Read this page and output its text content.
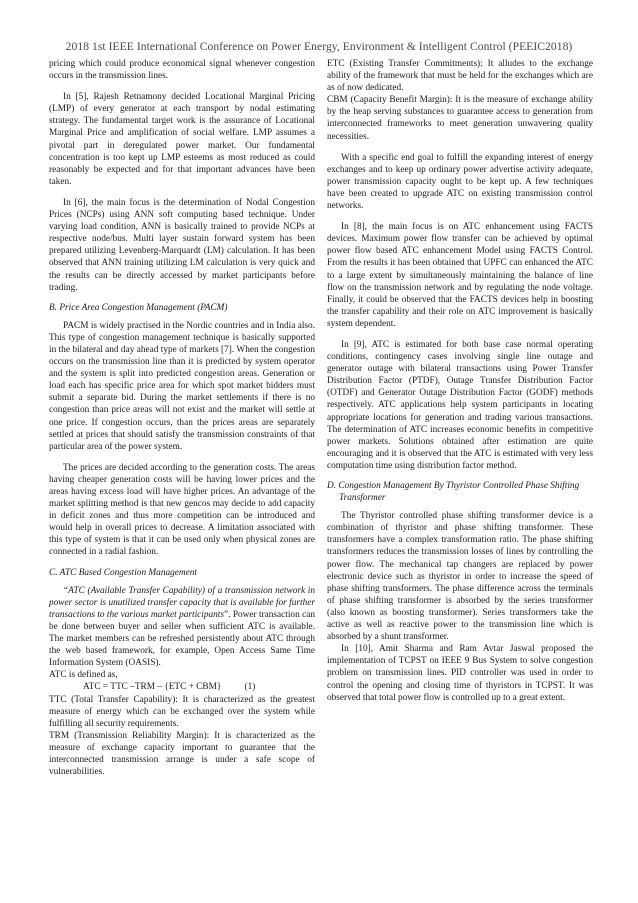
2018 1st IEEE International Conference on Power Energy, Environment & Intelligent Control (PEEIC2018)

pricing which could produce economical signal whenever congestion occurs in the transmission lines.

In [5], Rajesh Retnamony decided Locational Marginal Pricing (LMP) of every generator at each transport by nodal estimating strategy. The fundamental target work is the assurance of Locational Marginal Price and amplification of social welfare. LMP assumes a pivotal part in deregulated power market. Our fundamental concentration is too kept up LMP esteems as most reduced as could reasonably be expected and for that important advances have been taken.

In [6], the main focus is the determination of Nodal Congestion Prices (NCPs) using ANN soft computing based technique. Under varying load condition, ANN is basically trained to provide NCPs at respective node/bus. Multi layer sustain forward system has been prepared utilizing Levenberg-Marquardt (LM) calculation. It has been observed that ANN training utilizing LM calculation is very quick and the results can be directly accessed by market participants before trading.

B. Price Area Congestion Management (PACM)

PACM is widely practised in the Nordic countries and in India also. This type of congestion management technique is basically supported in the bilateral and day ahead type of markets [7]. When the congestion occurs on the transmission line than it is predicted by system operator and the system is split into predicted congestion areas. Generation or load each has specific price area for which spot market bidders must submit a separate bid. During the market settlements if there is no congestion than price areas will not exist and the market will settle at one price. If congestion occurs, than the prices areas are separately settled at prices that should satisfy the transmission constraints of that particular area of the power system.

The prices are decided according to the generation costs. The areas having cheaper generation costs will be having lower prices and the areas having excess load will have higher prices. An advantage of the market splitting method is that new gencos may decide to add capacity in deficit zones and thus more competition can be introduced and would help in overall prices to decrease. A limitation associated with this type of system is that it can be used only when physical zones are connected in a radial fashion.

C. ATC Based Congestion Management

“ATC (Available Transfer Capability) of a transmission network in power sector is unutilized transfer capacity that is available for further transactions to the various market participants”. Power transaction can be done between buyer and seller when sufficient ATC is available. The market members can be refreshed persistently about ATC through the web based framework, for example, Open Access Same Time Information System (OASIS).

ATC is defined as,

ATC = TTC –TRM – {ETC + CBM}          (1)

TTC (Total Transfer Capability): It is characterized as the greatest measure of energy which can be exchanged over the system while fulfilling all security requirements.

TRM (Transmission Reliability Margin): It is characterized as the measure of exchange capacity important to guarantee that the interconnected transmission arrange is under a safe scope of vulnerabilities.

ETC (Existing Transfer Commitments): It alludes to the exchange ability of the framework that must be held for the exchanges which are as of now dedicated.

CBM (Capacity Benefit Margin): It is the measure of exchange ability by the heap serving substances to guarantee access to generation from interconnected frameworks to meet generation unwavering quality necessities.

With a specific end goal to fulfill the expanding interest of energy exchanges and to keep up ordinary power advertise activity adequate, power transmission capacity ought to be kept up. A few techniques have been created to upgrade ATC on existing transmission control networks.

In [8], the main focus is on ATC enhancement using FACTS devices. Maximum power flow transfer can be achieved by optimal power flow based ATC enhancement Model using FACTS Control. From the results it has been obtained that UPFC can enhanced the ATC to a large extent by simultaneously maintaining the balance of line flow on the transmission network and by regulating the node voltage. Finally, it could be observed that the FACTS devices help in boosting the transfer capability and their role on ATC improvement is basically system dependent.

In [9], ATC is estimated for both base case normal operating conditions, contingency cases involving single line outage and generator outage with bilateral transactions using Power Transfer Distribution Factor (PTDF), Outage Transfer Distribution Factor (OTDF) and Generator Outage Distribution Factor (GODF) methods respectively. ATC applications help system participants in locating appropriate locations for generation and trading various transactions. The determination of ATC increases economic benefits in competitive power markets. Solutions obtained after estimation are quite encouraging and it is observed that the ATC is estimated with very less computation time using distribution factor method.

D. Congestion Management By Thyristor Controlled Phase Shifting Transformer

The Thyristor controlled phase shifting transformer device is a combination of thyristor and phase shifting transformer. These transformers have a complex transformation ratio. The phase shifting transformers reduces the transmission losses of lines by controlling the power flow. The mechanical tap changers are replaced by power electronic device such as thyristor in order to increase the speed of phase shifting transformers. The phase difference across the terminals of phase shifting transformer is absorbed by the series transformer (also known as boosting transformer). Series transformers take the active as well as reactive power to the transmission line which is absorbed by a shunt transformer.

In [10], Amit Sharma and Ram Avtar Jaswal proposed the implementation of TCPST on IEEE 9 Bus System to solve congestion problem on transmission lines. PID controller was used in order to control the opening and closing time of thyristors in TCPST. It was observed that total power flow is controlled up to a great extent.
